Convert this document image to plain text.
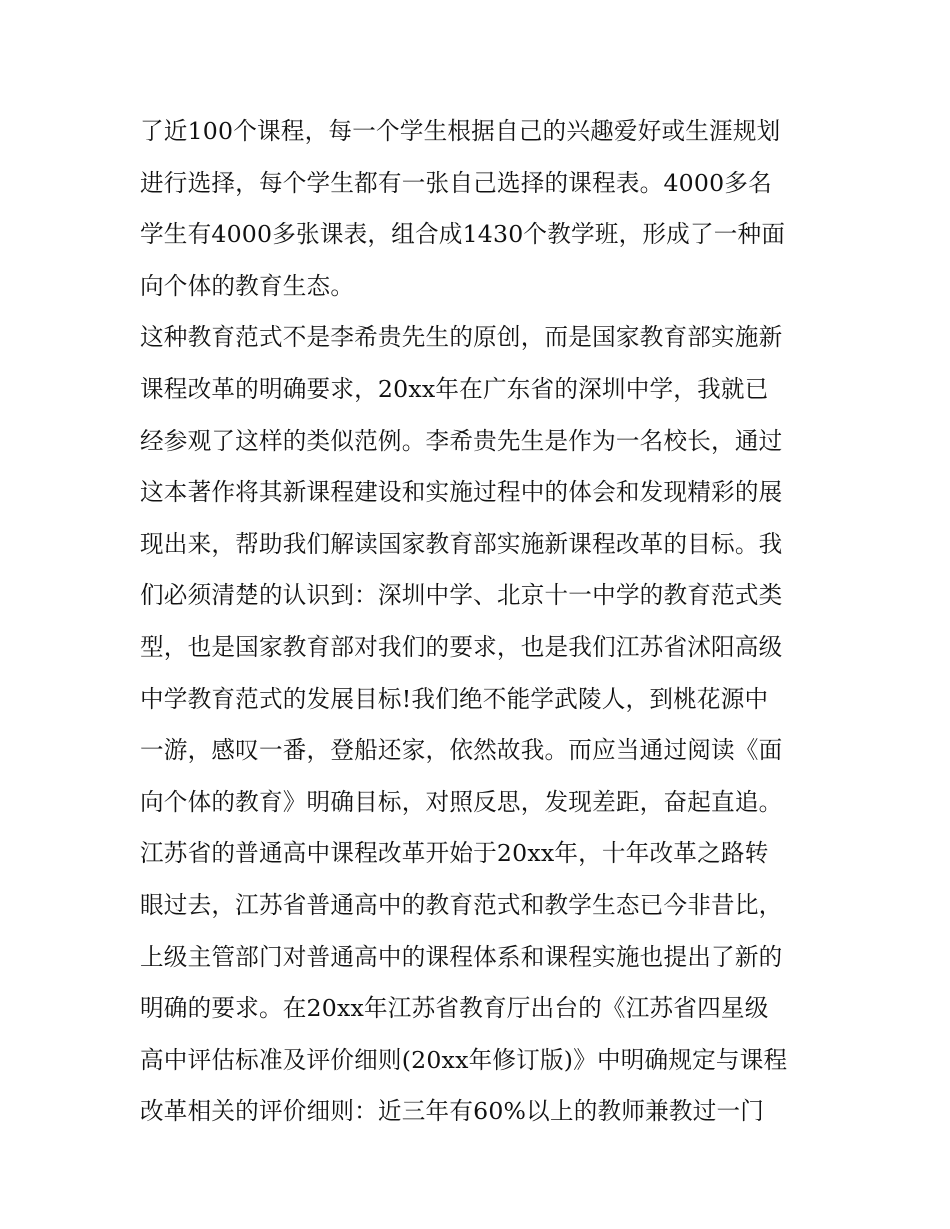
了近100个课程，每一个学生根据自己的兴趣爱好或生涯规划
进行选择，每个学生都有一张自己选择的课程表。4000多名
学生有4000多张课表，组合成1430个教学班，形成了一种面
向个体的教育生态。
这种教育范式不是李希贵先生的原创，而是国家教育部实施新
课程改革的明确要求，20xx年在广东省的深圳中学，我就已
经参观了这样的类似范例。李希贵先生是作为一名校长，通过
这本著作将其新课程建设和实施过程中的体会和发现精彩的展
现出来，帮助我们解读国家教育部实施新课程改革的目标。我
们必须清楚的认识到：深圳中学、北京十一中学的教育范式类
型，也是国家教育部对我们的要求，也是我们江苏省沭阳高级
中学教育范式的发展目标!我们绝不能学武陵人，到桃花源中
一游，感叹一番，登船还家，依然故我。而应当通过阅读《面
向个体的教育》明确目标，对照反思，发现差距，奋起直追。
江苏省的普通高中课程改革开始于20xx年，十年改革之路转
眼过去，江苏省普通高中的教育范式和教学生态已今非昔比，
上级主管部门对普通高中的课程体系和课程实施也提出了新的
明确的要求。在20xx年江苏省教育厅出台的《江苏省四星级
高中评估标准及评价细则(20xx年修订版)》中明确规定与课程
改革相关的评价细则：近三年有60%以上的教师兼教过一门
